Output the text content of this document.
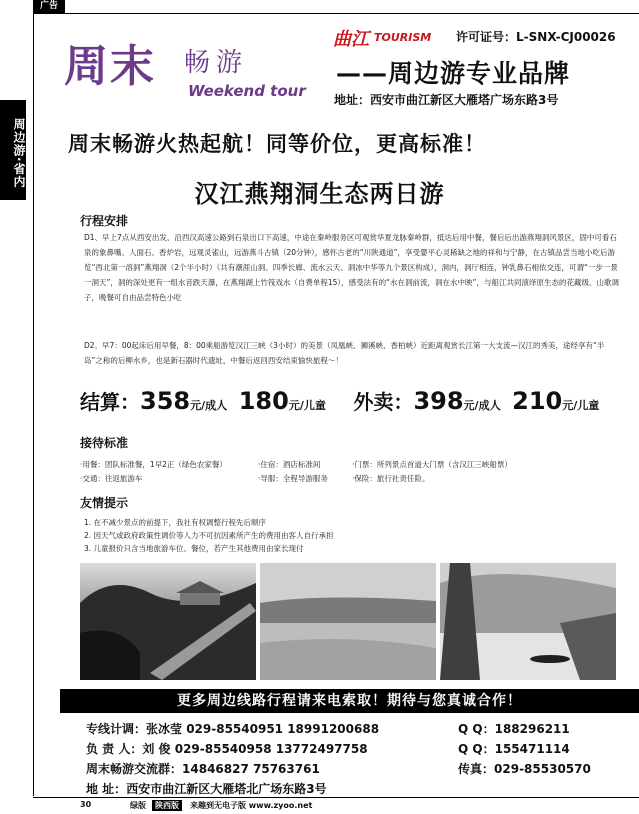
广告
周边游·省内
周末 畅游
Weekend tour
曲江 TOURISM 许可证号：L-SNX-CJ00026
——周边游专业品牌
地址：西安市曲江新区大雁塔广场东路3号
周末畅游火热起航！同等价位，更高标准！
汉江燕翔洞生态两日游
行程安排
D1、早上7点从西安出发，沿西汉高速公路到石泉出口下高速，中途在秦岭服务区可观赏华夏龙脉秦岭群，抵达后用中餐，餐后后出游燕翔洞风景区，固中可看石泉的象鼻嘴、人面石、香炉岩，远观灵雀山，远游燕斗古镇（20分钟），感怀古老的“川陕通道”，享受婴平心灵稀缺之地的祥和与宁静，在古镇品尝当地小吃后游览“西北第一溶洞”燕翔洞（2个半小时）（共有潮涯山洞、四季长廊、流水云天、洞冰中华等九个景区构成），洞内，洞厅相连，钟乳鼻石相依交连，可谓“一步一景一洞天”，洞的深处更有一组水音跌天瀑，在燕翔湖上竹筏戏水（自费单程15），感受法有的“水在洞前流，洞在水中映”，与船江共同演绎原生态的花藏级、山歌调子，晚餐可自由品尝特色小吃
D2、早7：00起床后用早餐，8：00乘船游览汉江三峡（3小时）的美景（凤凰峡、狮溪峡、香柏峡）近距离观赏长江第一大支流—汉江的秀美，途经享有“半岛”之称的后柳水乡，也是新石器时代遗址，中餐后返回西安结束愉快旅程～！
结算：358元/成人 180元/儿童 外卖：398元/成人 210元/儿童
接待标准
·用餐：团队标准餐，1早2正（绿色农家餐）	·住宿：酒店标准间	·门票：所列景点首道大门票（含汉江三峡船票）
·交通：往返旅游车	·导服：全程导游服务	·保险：旅行社责任险。
友情提示
1. 在不减少景点的前提下，我社有权调整行程先后顺序
2. 因天气或政府政策性调价等人力不可抗因素所产生的费用由客人自行承担
3. 儿童报价只含当地旅游车位、餐位，若产生其他费用由家长现付
更多周边线路行程请来电索取！期待与您真诚合作！
专线计调：张冰莹 029-85540951 18991200688	Q Q：188296211
负 责 人：刘 俊 029-85540958 13772497758	Q Q：155471114
周末畅游交流群：14846827 75763761	传真：029-85530570
地 址：西安市曲江新区大雁塔北广场东路3号
30	绿版	陕西版	来趣到无电子版 www.zyoo.net
